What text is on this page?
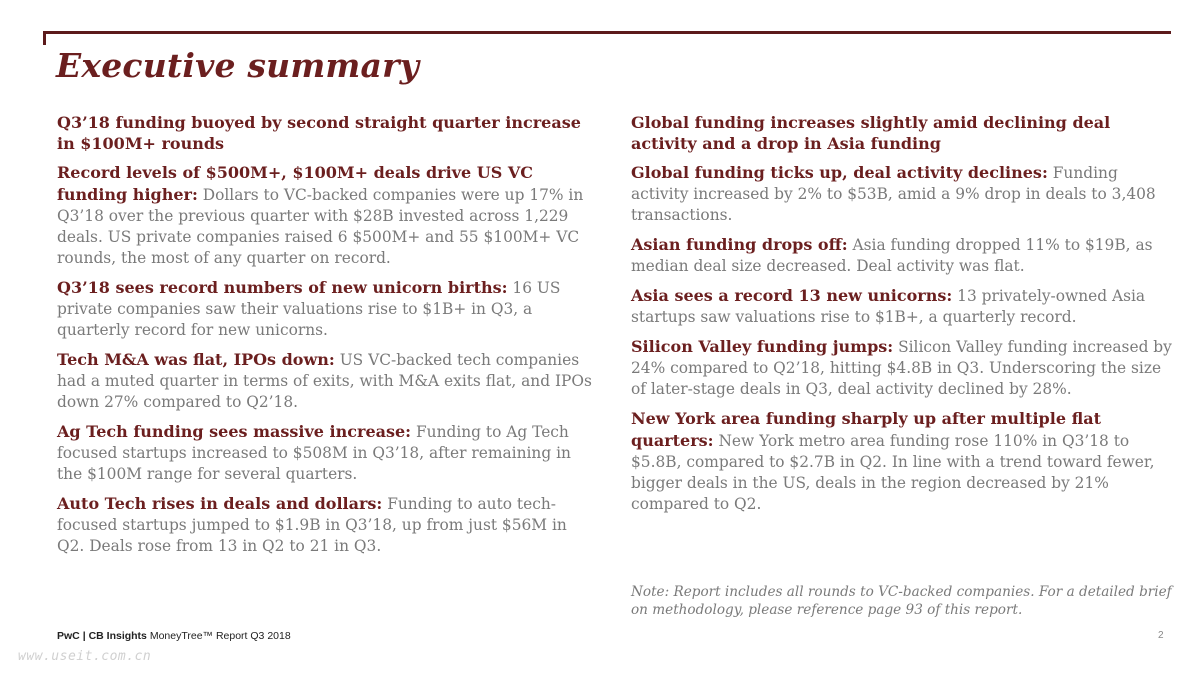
Executive summary

Q3’18 funding buoyed by second straight quarter increase in $100M+ rounds

Record levels of $500M+, $100M+ deals drive US VC funding higher: Dollars to VC-backed companies were up 17% in Q3’18 over the previous quarter with $28B invested across 1,229 deals. US private companies raised 6 $500M+ and 55 $100M+ VC rounds, the most of any quarter on record.

Q3’18 sees record numbers of new unicorn births: 16 US private companies saw their valuations rise to $1B+ in Q3, a quarterly record for new unicorns.

Tech M&A was flat, IPOs down: US VC-backed tech companies had a muted quarter in terms of exits, with M&A exits flat, and IPOs down 27% compared to Q2’18.

Ag Tech funding sees massive increase: Funding to Ag Tech focused startups increased to $508M in Q3’18, after remaining in the $100M range for several quarters.

Auto Tech rises in deals and dollars: Funding to auto tech-focused startups jumped to $1.9B in Q3’18, up from just $56M in Q2. Deals rose from 13 in Q2 to 21 in Q3.

Global funding increases slightly amid declining deal activity and a drop in Asia funding

Global funding ticks up, deal activity declines: Funding activity increased by 2% to $53B, amid a 9% drop in deals to 3,408 transactions.

Asian funding drops off: Asia funding dropped 11% to $19B, as median deal size decreased. Deal activity was flat.

Asia sees a record 13 new unicorns: 13 privately-owned Asia startups saw valuations rise to $1B+, a quarterly record.

Silicon Valley funding jumps: Silicon Valley funding increased by 24% compared to Q2’18, hitting $4.8B in Q3. Underscoring the size of later-stage deals in Q3, deal activity declined by 28%.

New York area funding sharply up after multiple flat quarters: New York metro area funding rose 110% in Q3’18 to $5.8B, compared to $2.7B in Q2. In line with a trend toward fewer, bigger deals in the US, deals in the region decreased by 21% compared to Q2.

Note: Report includes all rounds to VC-backed companies. For a detailed brief on methodology, please reference page 93 of this report.

PwC | CB Insights MoneyTree™ Report Q3 2018	2
www.useit.com.cn
